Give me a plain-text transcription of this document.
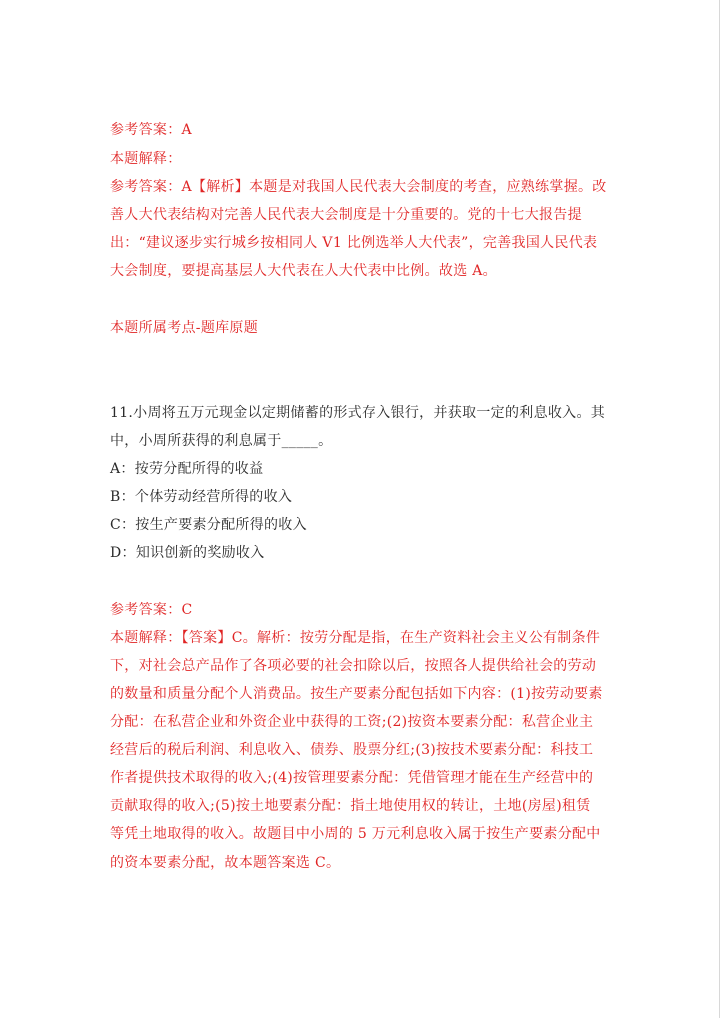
参考答案：A
本题解释：
参考答案：A【解析】本题是对我国人民代表大会制度的考查，应熟练掌握。改
善人大代表结构对完善人民代表大会制度是十分重要的。党的十七大报告提
出：“建议逐步实行城乡按相同人 V1 比例选举人大代表”，完善我国人民代表
大会制度，要提高基层人大代表在人大代表中比例。故选 A。
本题所属考点-题库原题
11.小周将五万元现金以定期储蓄的形式存入银行，并获取一定的利息收入。其
中，小周所获得的利息属于_____。
A：按劳分配所得的收益
B：个体劳动经营所得的收入
C：按生产要素分配所得的收入
D：知识创新的奖励收入
参考答案：C
本题解释：【答案】C。解析：按劳分配是指，在生产资料社会主义公有制条件
下，对社会总产品作了各项必要的社会扣除以后，按照各人提供给社会的劳动
的数量和质量分配个人消费品。按生产要素分配包括如下内容：(1)按劳动要素
分配：在私营企业和外资企业中获得的工资;(2)按资本要素分配：私营企业主
经营后的税后利润、利息收入、债券、股票分红;(3)按技术要素分配：科技工
作者提供技术取得的收入;(4)按管理要素分配：凭借管理才能在生产经营中的
贡献取得的收入;(5)按土地要素分配：指土地使用权的转让，土地(房屋)租赁
等凭土地取得的收入。故题目中小周的 5 万元利息收入属于按生产要素分配中
的资本要素分配，故本题答案选 C。
